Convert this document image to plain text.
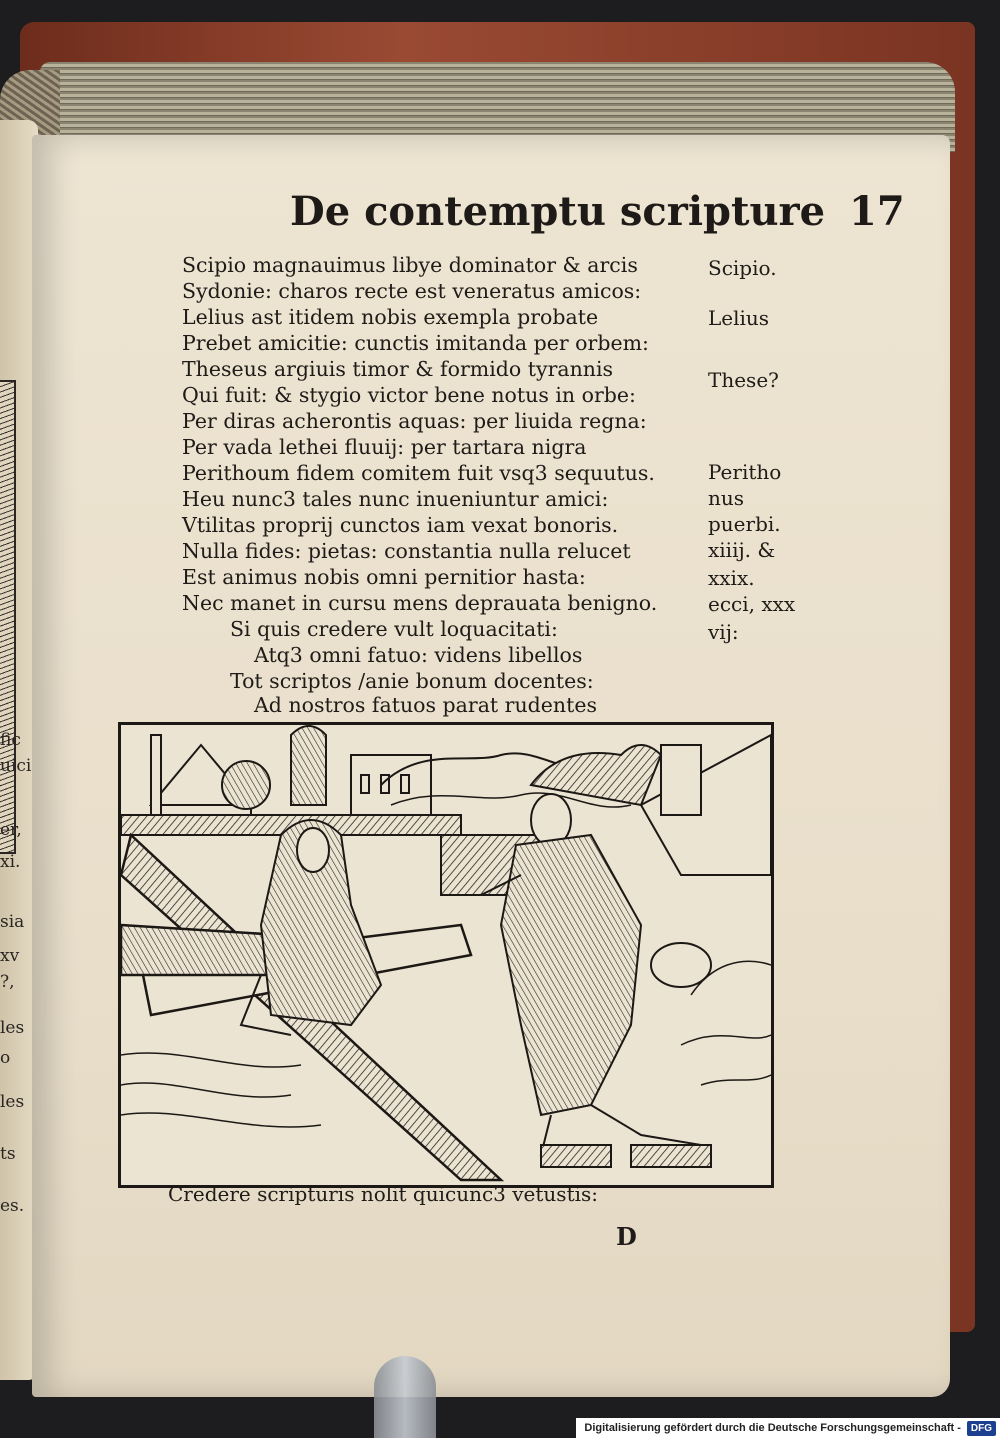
fic
uici
er,
xi.
sia
xv
?,
les
o
les
ts
es.
De contemptu scripture 17
Scipio magnauimus libye dominator & arcis
Sydonie: charos recte est veneratus amicos:
Lelius ast itidem nobis exempla probate
Prebet amicitie: cunctis imitanda per orbem:
Theseus argiuis timor & formido tyrannis
Qui fuit: & stygio victor bene notus in orbe:
Per diras acherontis aquas: per liuida regna:
Per vada lethei fluuij: per tartara nigra
Perithoum fidem comitem fuit vsq3 sequutus.
Heu nunc3 tales nunc inueniuntur amici:
Vtilitas proprij cunctos iam vexat bonoris.
Nulla fides: pietas: constantia nulla relucet
Est animus nobis omni pernitior hasta:
Nec manet in cursu mens deprauata benigno.
Si quis credere vult loquacitati:
Atq3 omni fatuo: videns libellos
Tot scriptos /anie bonum docentes:
Ad nostros fatuos parat rudentes
Scipio.
Lelius
These?
Peritho
nus
puerbi.
xiiij. &
xxix.
ecci, xxx
vij:
Credere scripturis nolit quicunc3 vetustis:
D
Digitalisierung gefördert durch die Deutsche Forschungsgemeinschaft -	DFG
